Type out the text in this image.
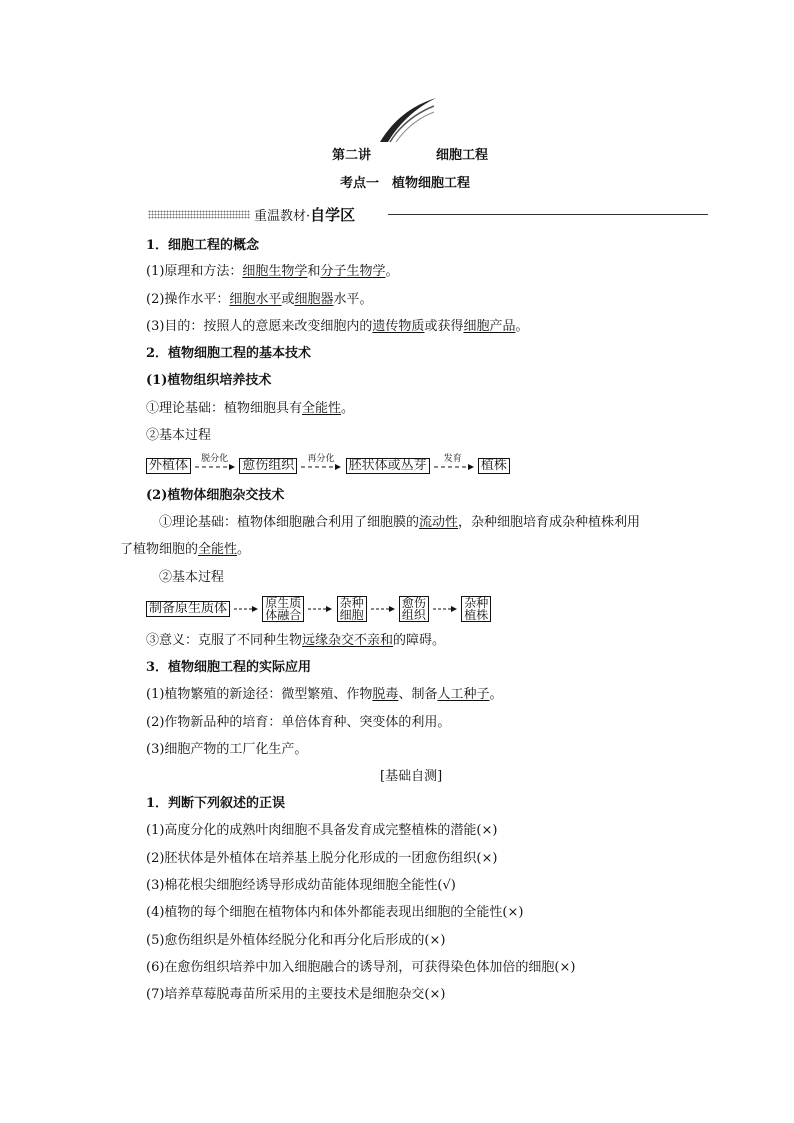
第二讲	细胞工程
考点一　植物细胞工程
重温教材·自学区
1．细胞工程的概念
(1)原理和方法：细胞生物学和分子生物学。
(2)操作水平：细胞水平或细胞器水平。
(3)目的：按照人的意愿来改变细胞内的遗传物质或获得细胞产品。
2．植物细胞工程的基本技术
(1)植物组织培养技术
①理论基础：植物细胞具有全能性。
②基本过程
外植体 脱分化 愈伤组织 再分化 胚状体或丛芽 发育 植株
(2)植物体细胞杂交技术
　①理论基础：植物体细胞融合利用了细胞膜的流动性，杂种细胞培育成杂种植株利用
了植物细胞的全能性。
　②基本过程
制备原生质体	原生质
体融合  杂种
细胞  愈伤
组织  杂种
植株
③意义：克服了不同种生物远缘杂交不亲和的障碍。
3．植物细胞工程的实际应用
(1)植物繁殖的新途径：微型繁殖、作物脱毒、制备人工种子。
(2)作物新品种的培育：单倍体育种、突变体的利用。
(3)细胞产物的工厂化生产。
[基础自测]
1．判断下列叙述的正误
(1)高度分化的成熟叶肉细胞不具备发育成完整植株的潜能(×)
(2)胚状体是外植体在培养基上脱分化形成的一团愈伤组织(×)
(3)棉花根尖细胞经诱导形成幼苗能体现细胞全能性(√)
(4)植物的每个细胞在植物体内和体外都能表现出细胞的全能性(×)
(5)愈伤组织是外植体经脱分化和再分化后形成的(×)
(6)在愈伤组织培养中加入细胞融合的诱导剂，可获得染色体加倍的细胞(×)
(7)培养草莓脱毒苗所采用的主要技术是细胞杂交(×)
